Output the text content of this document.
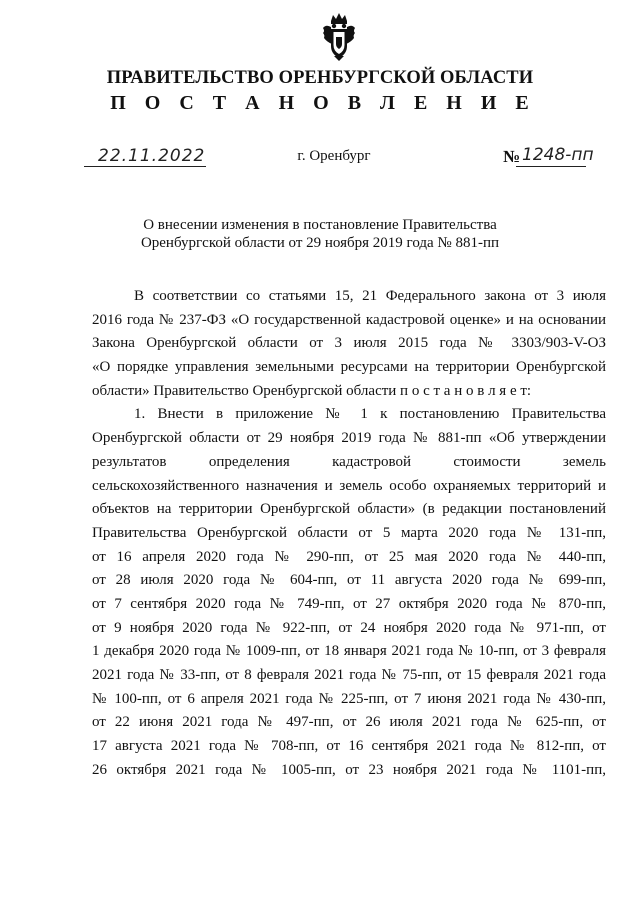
ПРАВИТЕЛЬСТВО ОРЕНБУРГСКОЙ ОБЛАСТИ
П О С Т А Н О В Л Е Н И Е
22.11.2022	г. Оренбург	№ 1248-пп
О внесении изменения в постановление Правительства
Оренбургской области от 29 ноября 2019 года № 881-пп
В соответствии со статьями 15, 21 Федерального закона от 3 июля
2016 года № 237-ФЗ «О государственной кадастровой оценке» и на основании
Закона Оренбургской области от 3 июля 2015 года № 3303/903-V-ОЗ
«О порядке управления земельными ресурсами на территории Оренбургской
области» Правительство Оренбургской области п о с т а н о в л я е т:
1. Внести в приложение № 1 к постановлению Правительства
Оренбургской области от 29 ноября 2019 года № 881-пп «Об утверждении
результатов определения кадастровой стоимости земель
сельскохозяйственного назначения и земель особо охраняемых территорий и
объектов на территории Оренбургской области» (в редакции постановлений
Правительства Оренбургской области от 5 марта 2020 года № 131-пп,
от 16 апреля 2020 года № 290-пп, от 25 мая 2020 года № 440-пп,
от 28 июля 2020 года № 604-пп, от 11 августа 2020 года № 699-пп,
от 7 сентября 2020 года № 749-пп, от 27 октября 2020 года № 870-пп,
от 9 ноября 2020 года № 922-пп, от 24 ноября 2020 года № 971-пп, от
1 декабря 2020 года № 1009-пп, от 18 января 2021 года № 10-пп, от 3 февраля
2021 года № 33-пп, от 8 февраля 2021 года № 75-пп, от 15 февраля 2021 года
№ 100-пп, от 6 апреля 2021 года № 225-пп, от 7 июня 2021 года № 430-пп,
от 22 июня 2021 года № 497-пп, от 26 июля 2021 года № 625-пп, от
17 августа 2021 года № 708-пп, от 16 сентября 2021 года № 812-пп, от
26 октября 2021 года № 1005-пп, от 23 ноября 2021 года № 1101-пп,
